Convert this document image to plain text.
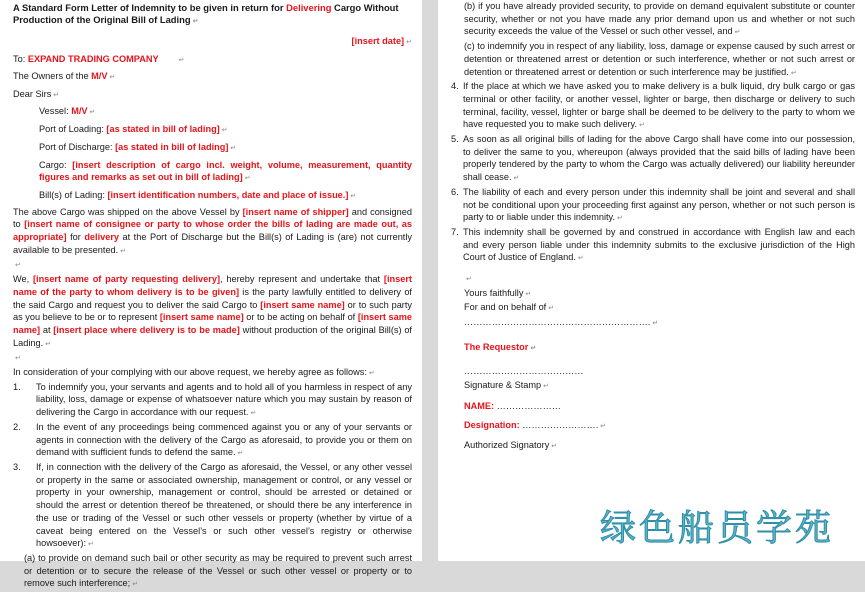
A Standard Form Letter of Indemnity to be given in return for Delivering Cargo Without Production of the Original Bill of Lading ↵

[insert date] ↵

To: EXPAND TRADING COMPANY	↵

The Owners of the M/V ↵

Dear Sirs ↵

Vessel: M/V ↵

Port of Loading: [as stated in bill of lading] ↵

Port of Discharge: [as stated in bill of lading] ↵

Cargo: [insert description of cargo incl. weight, volume, measurement, quantity figures and remarks as set out in bill of lading] ↵

Bill(s) of Lading: [insert identification numbers, date and place of issue.] ↵

The above Cargo was shipped on the above Vessel by [insert name of shipper] and consigned to [insert name of consignee or party to whose order the bills of lading are made out, as appropriate] for delivery at the Port of Discharge but the Bill(s) of Lading is (are) not currently available to be presented. ↵

↵

We, [insert name of party requesting delivery], hereby represent and undertake that [insert name of the party to whom delivery is to be given] is the party lawfully entitled to delivery of the said Cargo and request you to deliver the said Cargo to [insert same name] or to such party as you believe to be or to represent [insert same name] or to be acting on behalf of [insert same name] at [insert place where delivery is to be made] without production of the original Bill(s) of Lading. ↵

↵

In consideration of your complying with our above request, we hereby agree as follows: ↵

1. To indemnify you, your servants and agents and to hold all of you harmless in respect of any liability, loss, damage or expense of whatsoever nature which you may sustain by reason of delivering the Cargo in accordance with our request. ↵
2. In the event of any proceedings being commenced against you or any of your servants or agents in connection with the delivery of the Cargo as aforesaid, to provide you or them on demand with sufficient funds to defend the same. ↵
3. If, in connection with the delivery of the Cargo as aforesaid, the Vessel, or any other vessel or property in the same or associated ownership, management or control, or any vessel or property in your ownership, management or control, should be arrested or detained or should the arrest or detention thereof be threatened, or should there be any interference in the use or trading of the Vessel or such other vessels or property (whether by virtue of a caveat being entered on the Vessel’s or such other vessel’s registry or otherwise howsoever): ↵

(a) to provide on demand such bail or other security as may be required to prevent such arrest or detention or to secure the release of the Vessel or such other vessel or property or to remove such interference; ↵

(b) if you have already provided security, to provide on demand equivalent substitute or counter security, whether or not you have made any prior demand upon us and whether or not such security exceeds the value of the Vessel or such other vessel, and ↵

(c) to indemnify you in respect of any liability, loss, damage or expense caused by such arrest or detention or threatened arrest or detention or such interference, whether or not such arrest or detention or threatened arrest or detention or such interference may be justified. ↵

4. If the place at which we have asked you to make delivery is a bulk liquid, dry bulk cargo or gas terminal or other facility, or another vessel, lighter or barge, then discharge or delivery to such terminal, facility, vessel, lighter or barge shall be deemed to be delivery to the party to whom we have requested you to make such delivery. ↵
5. As soon as all original bills of lading for the above Cargo shall have come into our possession, to deliver the same to you, whereupon (always provided that the said bills of lading have been properly tendered by the party to whom the Cargo was actually delivered) our liability hereunder shall cease. ↵
6. The liability of each and every person under this indemnity shall be joint and several and shall not be conditional upon your proceeding first against any person, whether or not such person is party to or liable under this indemnity. ↵
7. This indemnity shall be governed by and construed in accordance with English law and each and every person liable under this indemnity submits to the exclusive jurisdiction of the High Court of Justice of England. ↵

↵

Yours faithfully ↵

For and on behalf of ↵

……………………………………………………. ↵

The Requestor ↵

…………………………………

Signature & Stamp ↵

NAME: …………………

Designation: ……………………. ↵

Authorized Signatory ↵

绿色船员学苑
